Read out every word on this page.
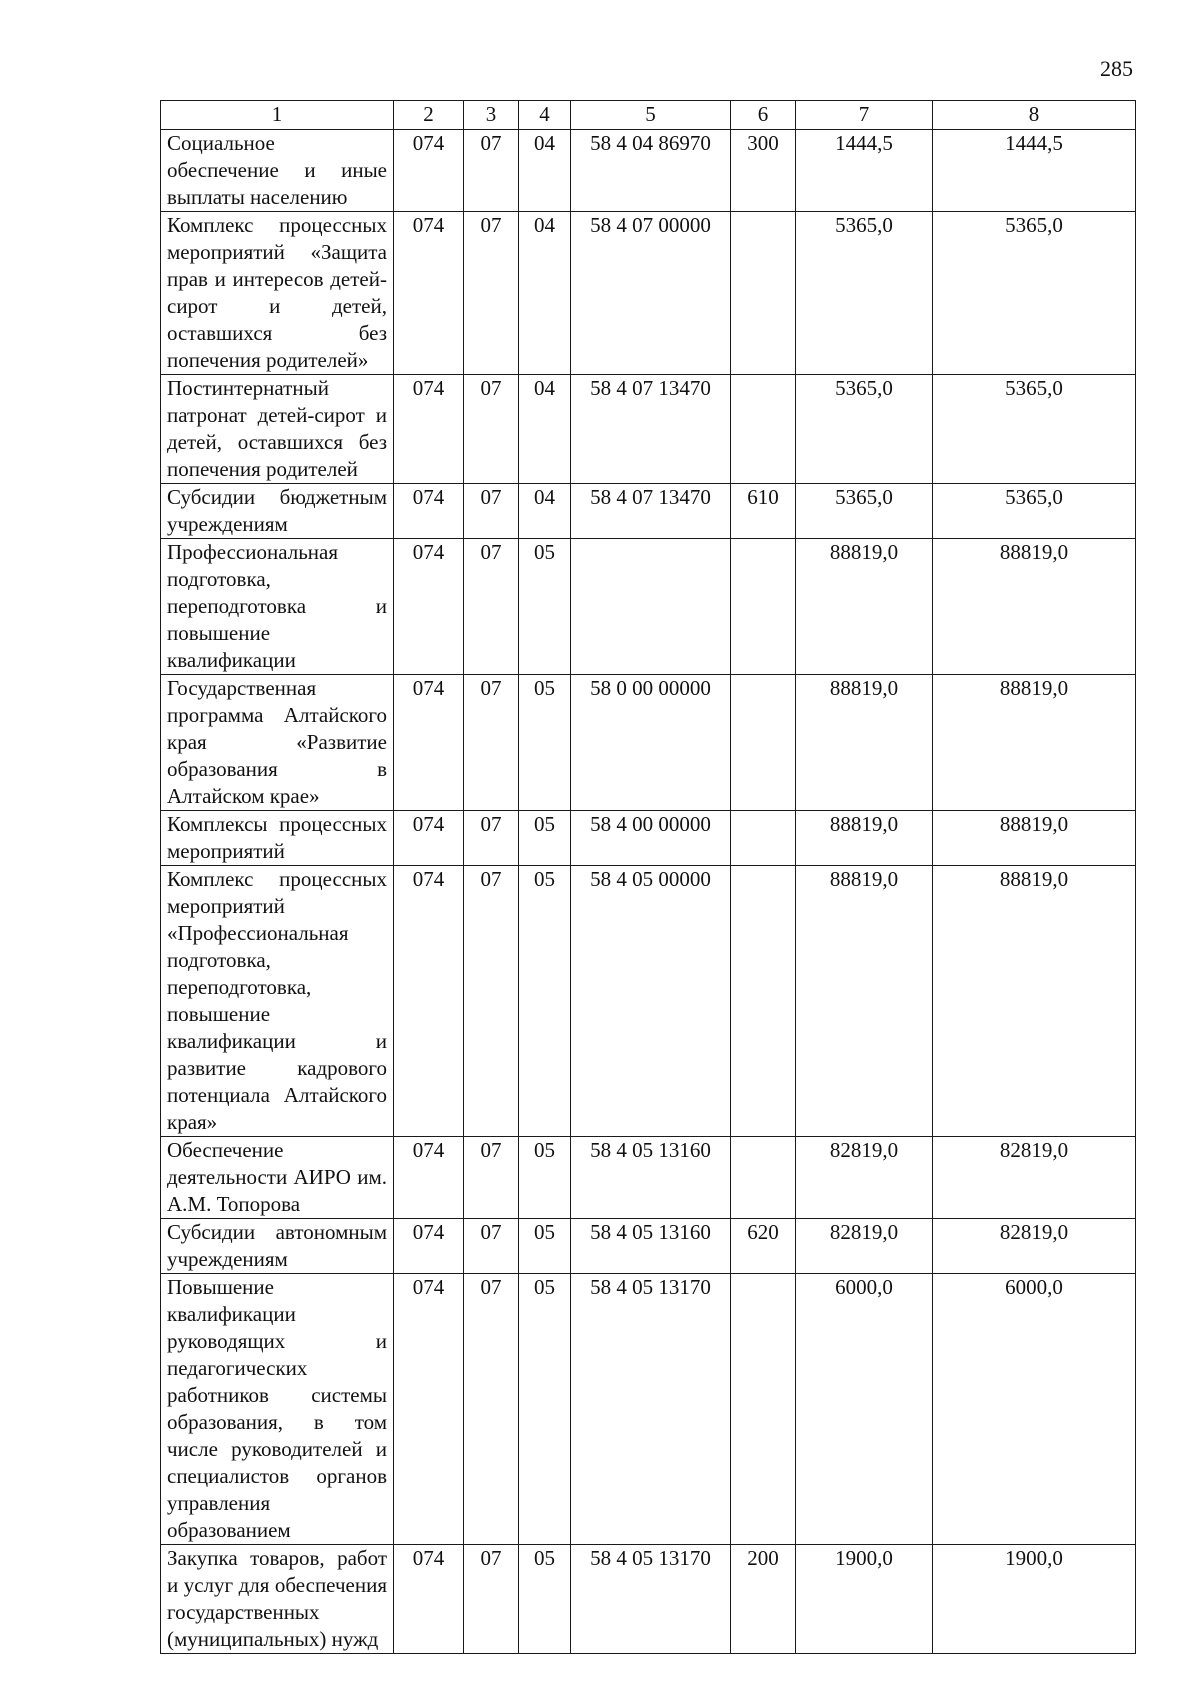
285
1	2	3	4	5	6	7	8
Социальное обеспечение и иные выплаты населению	074	07	04	58 4 04 86970	300	1444,5	1444,5
Комплекс процессных мероприятий «Защита прав и интересов детей-сирот и детей, оставшихся без попечения родителей»	074	07	04	58 4 07 00000		5365,0	5365,0
Постинтернатный патронат детей-сирот и детей, оставшихся без попечения родителей	074	07	04	58 4 07 13470		5365,0	5365,0
Субсидии бюджетным учреждениям	074	07	04	58 4 07 13470	610	5365,0	5365,0
Профессиональная подготовка, переподготовка и повышение квалификации	074	07	05			88819,0	88819,0
Государственная программа Алтайского края «Развитие образования в Алтайском крае»	074	07	05	58 0 00 00000		88819,0	88819,0
Комплексы процессных мероприятий	074	07	05	58 4 00 00000		88819,0	88819,0
Комплекс процессных мероприятий «Профессиональная подготовка, переподготовка, повышение квалификации и развитие кадрового потенциала Алтайского края»	074	07	05	58 4 05 00000		88819,0	88819,0
Обеспечение деятельности АИРО им. А.М. Топорова	074	07	05	58 4 05 13160		82819,0	82819,0
Субсидии автономным учреждениям	074	07	05	58 4 05 13160	620	82819,0	82819,0
Повышение квалификации руководящих и педагогических работников системы образования, в том числе руководителей и специалистов органов управления образованием	074	07	05	58 4 05 13170		6000,0	6000,0
Закупка товаров, работ и услуг для обеспечения государственных (муниципальных) нужд	074	07	05	58 4 05 13170	200	1900,0	1900,0
